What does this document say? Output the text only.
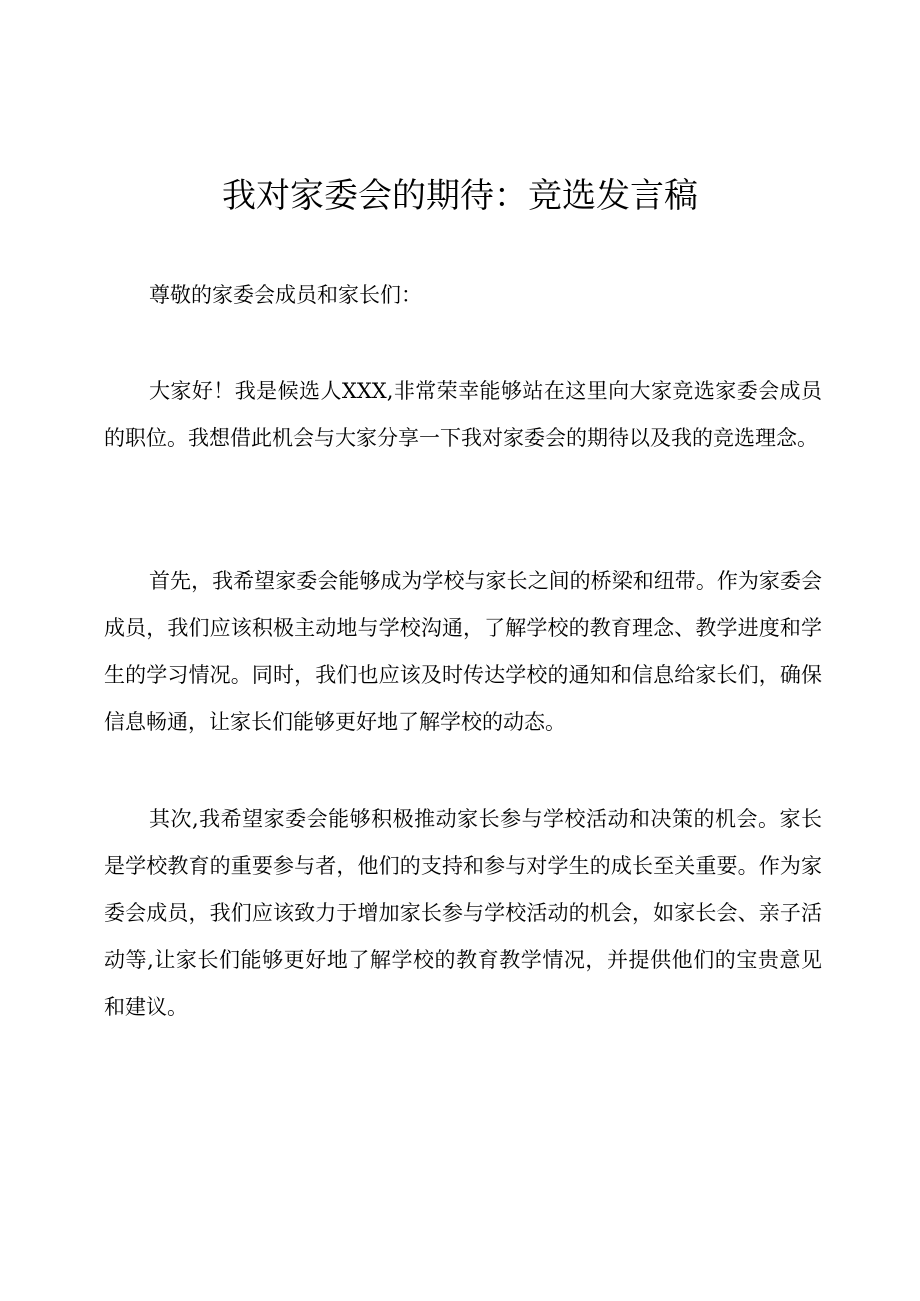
我对家委会的期待：竞选发言稿

尊敬的家委会成员和家长们：

大家好！我是候选人XXX,非常荣幸能够站在这里向大家竞选家委会成员的职位。我想借此机会与大家分享一下我对家委会的期待以及我的竞选理念。

首先，我希望家委会能够成为学校与家长之间的桥梁和纽带。作为家委会成员，我们应该积极主动地与学校沟通，了解学校的教育理念、教学进度和学生的学习情况。同时，我们也应该及时传达学校的通知和信息给家长们，确保信息畅通，让家长们能够更好地了解学校的动态。

其次,我希望家委会能够积极推动家长参与学校活动和决策的机会。家长是学校教育的重要参与者，他们的支持和参与对学生的成长至关重要。作为家委会成员，我们应该致力于增加家长参与学校活动的机会，如家长会、亲子活动等,让家长们能够更好地了解学校的教育教学情况，并提供他们的宝贵意见和建议。
